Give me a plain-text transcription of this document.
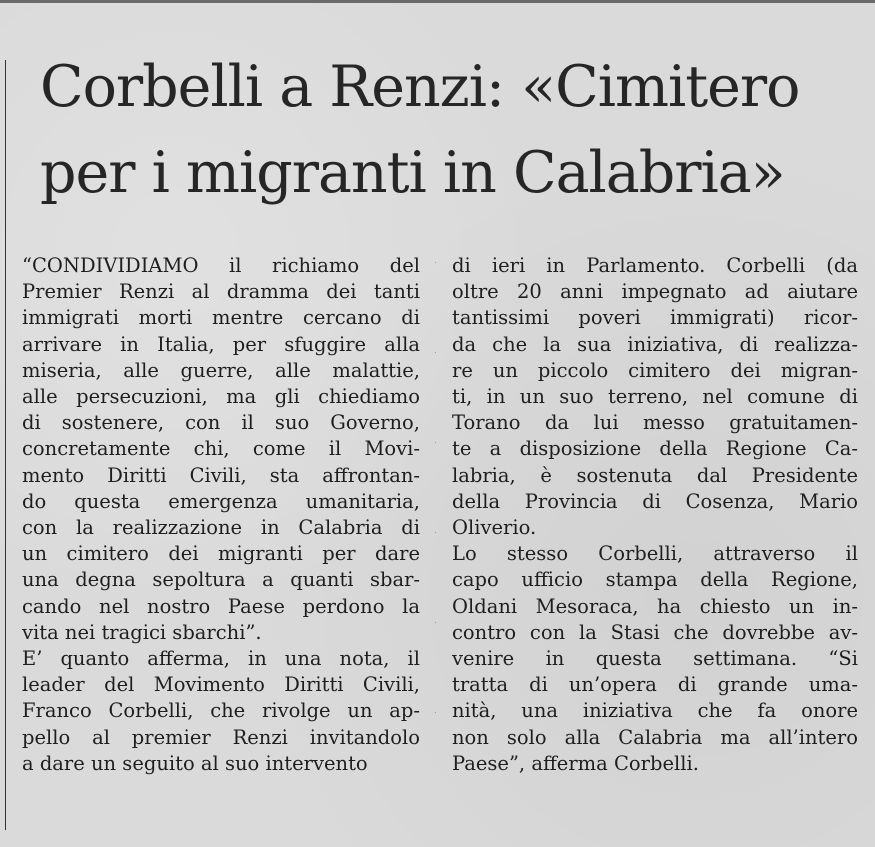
Corbelli a Renzi: «Cimitero
per i migranti in Calabria»
“CONDIVIDIAMO il richiamo del
Premier Renzi al dramma dei tanti
immigrati morti mentre cercano di
arrivare in Italia, per sfuggire alla
miseria, alle guerre, alle malattie,
alle persecuzioni, ma gli chiediamo
di sostenere, con il suo Governo,
concretamente chi, come il Movi-
mento Diritti Civili, sta affrontan-
do questa emergenza umanitaria,
con la realizzazione in Calabria di
un cimitero dei migranti per dare
una degna sepoltura a quanti sbar-
cando nel nostro Paese perdono la
vita nei tragici sbarchi”.
E’ quanto afferma, in una nota, il
leader del Movimento Diritti Civili,
Franco Corbelli, che rivolge un ap-
pello al premier Renzi invitandolo
a dare un seguito al suo intervento
di ieri in Parlamento. Corbelli (da
oltre 20 anni impegnato ad aiutare
tantissimi poveri immigrati) ricor-
da che la sua iniziativa, di realizza-
re un piccolo cimitero dei migran-
ti, in un suo terreno, nel comune di
Torano da lui messo gratuitamen-
te a disposizione della Regione Ca-
labria, è sostenuta dal Presidente
della Provincia di Cosenza, Mario
Oliverio.
Lo stesso Corbelli, attraverso il
capo ufficio stampa della Regione,
Oldani Mesoraca, ha chiesto un in-
contro con la Stasi che dovrebbe av-
venire in questa settimana. “Si
tratta di un’opera di grande uma-
nità, una iniziativa che fa onore
non solo alla Calabria ma all’intero
Paese”, afferma Corbelli.
